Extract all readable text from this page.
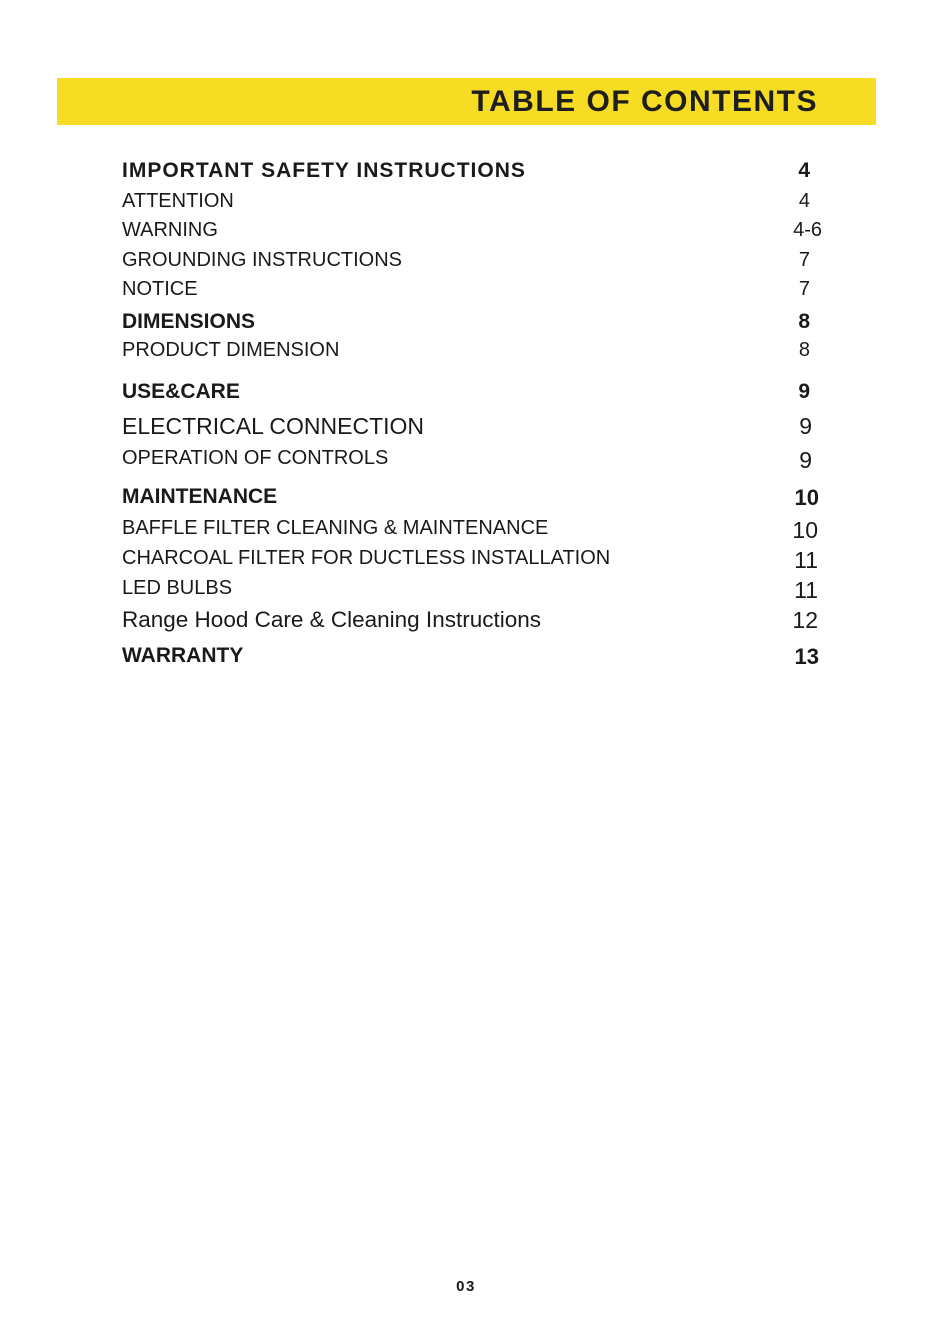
TABLE OF CONTENTS
IMPORTANT SAFETY INSTRUCTIONS	4
ATTENTION	4
WARNING	4-6
GROUNDING INSTRUCTIONS	7
NOTICE	7
DIMENSIONS	8
PRODUCT DIMENSION	8
USE&CARE	9
ELECTRICAL CONNECTION	9
OPERATION OF CONTROLS	9
MAINTENANCE	10
BAFFLE FILTER CLEANING & MAINTENANCE	10
CHARCOAL FILTER FOR DUCTLESS INSTALLATION	11
LED BULBS	11
Range Hood Care & Cleaning Instructions	12
WARRANTY	13
03
